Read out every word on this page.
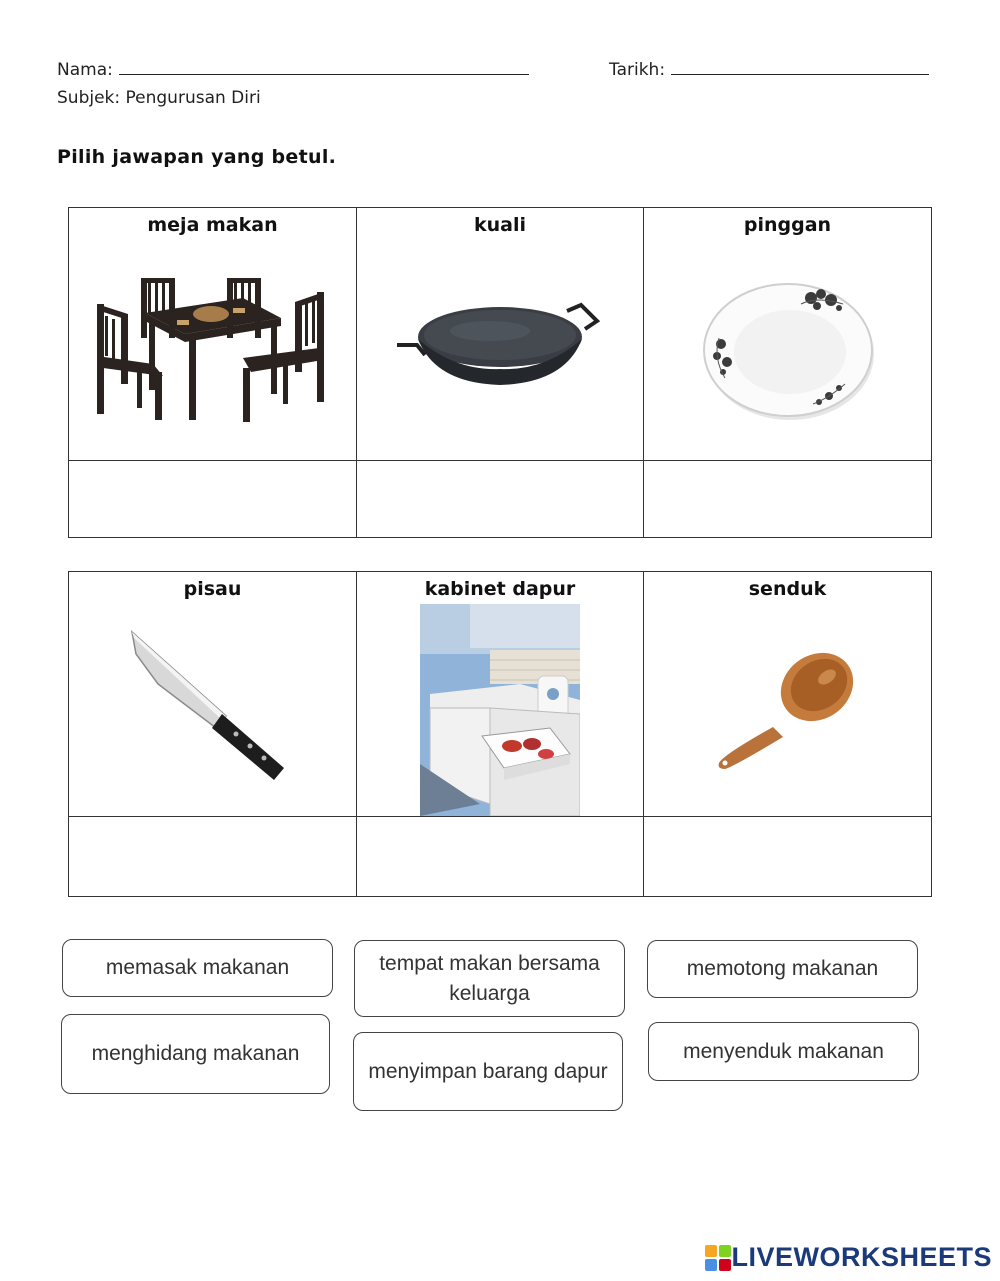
Nama:	Tarikh:
Subjek: Pengurusan Diri
Pilih jawapan yang betul.
meja makan	kuali	pinggan

pisau	kabinet dapur	senduk

memasak makanan	tempat makan bersama keluarga
memotong makanan
menghidang makanan
menyimpan barang dapur
menyenduk makanan
LIVEWORKSHEETS
